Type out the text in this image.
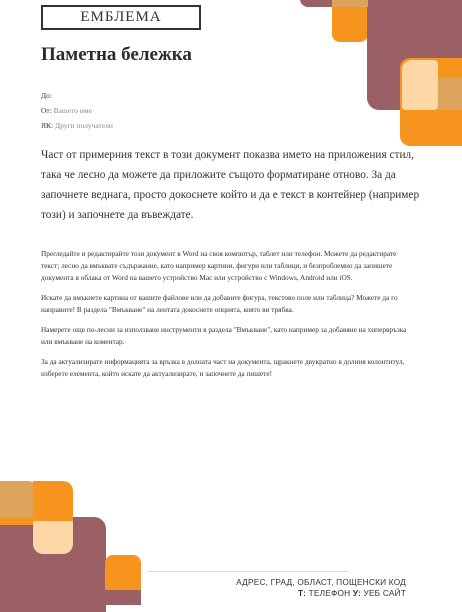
ЕМБЛЕМА
Паметна бележка
До:
От: Вашето име
ЯК: Други получатели

Част от примерния текст в този документ показва името на приложения стил, така че лесно да можете да приложите същото форматиране отново. За да започнете веднага, просто докоснете който и да е текст в контейнер (например този) и започнете да въвеждате.

Прегледайте и редактирайте този документ в Word на своя компютър, таблет или телефон. Можете да редактирате текст; лесно да вмъквате съдържание, като например картини, фигури или таблици, и безпроблемно да запишете документа в облака от Word на вашето устройство Mac или устройство с Windows, Android или iOS.

Искате да вмъкнете картина от вашите файлове или да добавите фигура, текстово поле или таблица? Можете да го направите! В раздела "Вмъкване" на лентата докоснете опцията, която ви трябва.

Намерете още по-лесни за използване инструменти в раздела "Вмъкване", като например за добавяне на хипервръзка или вмъкване на коментар.

За да актуализирате информацията за връзка в долната част на документа, щракнете двукратно в долния колонтитул, изберете елемента, който искате да актуализирате, и започнете да пишете!

АДРЕС, ГРАД, ОБЛАСТ, ПОЩЕНСКИ КОД
Т: ТЕЛЕФОН У: УЕБ САЙТ
